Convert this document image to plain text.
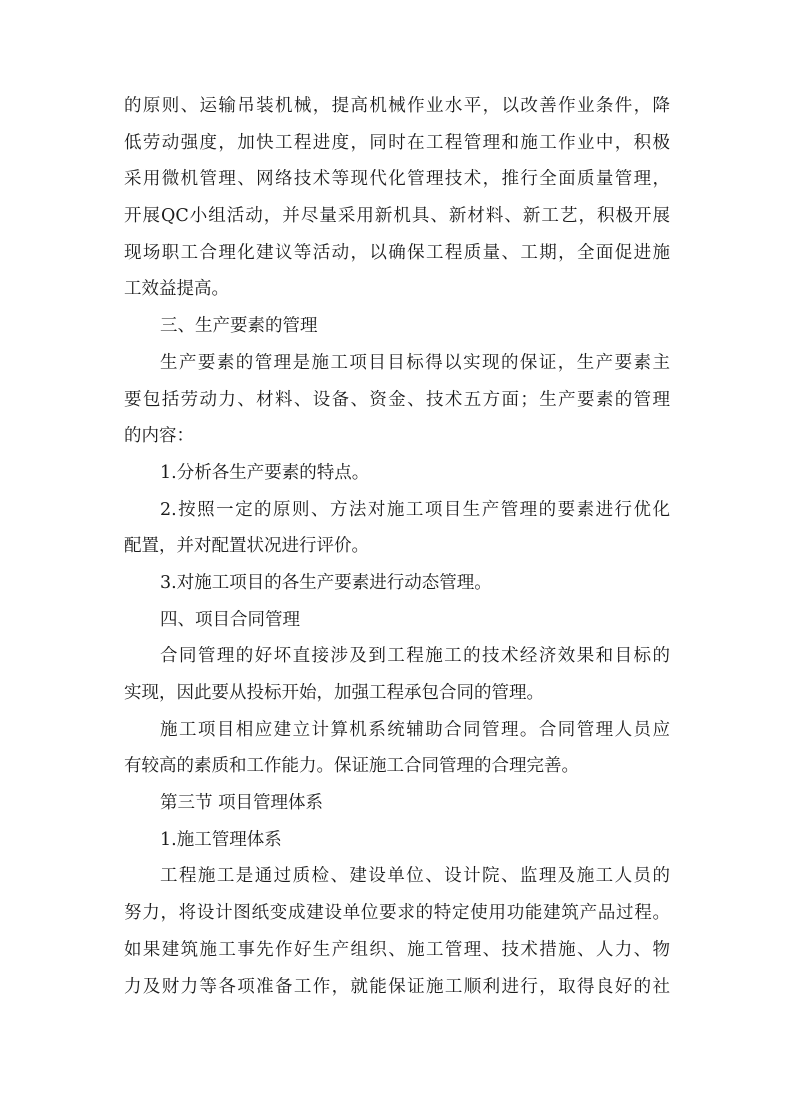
的原则、运输吊装机械，提高机械作业水平，以改善作业条件，降
低劳动强度，加快工程进度，同时在工程管理和施工作业中，积极
采用微机管理、网络技术等现代化管理技术，推行全面质量管理，
开展QC小组活动，并尽量采用新机具、新材料、新工艺，积极开展
现场职工合理化建议等活动，以确保工程质量、工期，全面促进施
工效益提高。
三、生产要素的管理
生产要素的管理是施工项目目标得以实现的保证，生产要素主
要包括劳动力、材料、设备、资金、技术五方面；生产要素的管理
的内容：
1.分析各生产要素的特点。
2.按照一定的原则、方法对施工项目生产管理的要素进行优化
配置，并对配置状况进行评价。
3.对施工项目的各生产要素进行动态管理。
四、项目合同管理
合同管理的好坏直接涉及到工程施工的技术经济效果和目标的
实现，因此要从投标开始，加强工程承包合同的管理。
施工项目相应建立计算机系统辅助合同管理。合同管理人员应
有较高的素质和工作能力。保证施工合同管理的合理完善。
第三节 项目管理体系
1.施工管理体系
工程施工是通过质检、建设单位、设计院、监理及施工人员的
努力，将设计图纸变成建设单位要求的特定使用功能建筑产品过程。
如果建筑施工事先作好生产组织、施工管理、技术措施、人力、物
力及财力等各项准备工作，就能保证施工顺利进行，取得良好的社
